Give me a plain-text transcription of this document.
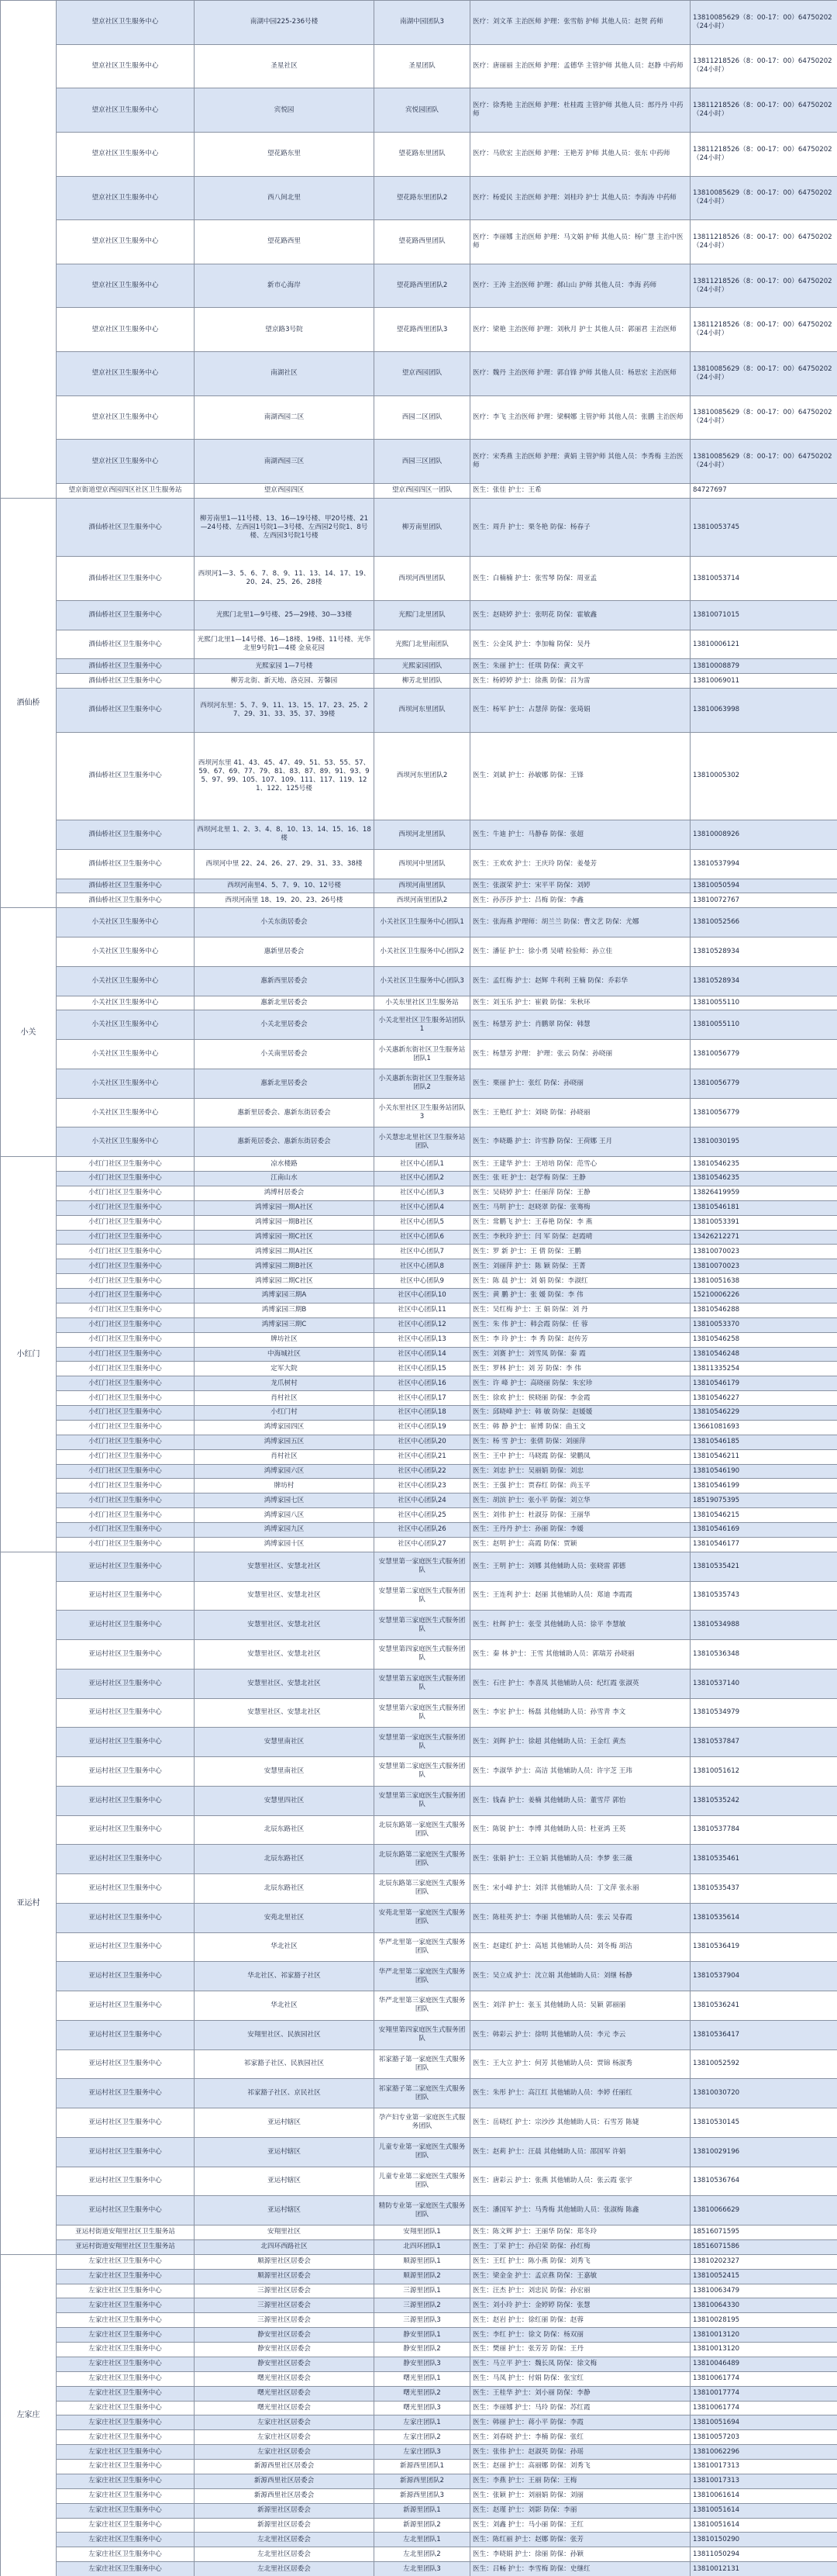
	望京社区卫生服务中心	南湖中园225-236号楼	南湖中园团队3	医疗：刘文革 主治医师 护理：张雪舫 护师 其他人员：赵贺 药师	13810085629（8：00-17：00）64750202（24小时）
	望京社区卫生服务中心	圣星社区	圣星团队	医疗：唐丽丽 主治医师 护理：孟德华 主管护师 其他人员：赵静 中药师	13811218526（8：00-17：00）64750202（24小时）
	望京社区卫生服务中心	宾悦园	宾悦园团队	医疗：徐秀艳 主治医师 护理：杜桂霞 主管护师 其他人员：郎丹丹 中药师	13811218526（8：00-17：00）64750202（24小时）
	望京社区卫生服务中心	望花路东里	望花路东里团队	医疗：马欣宏 主治医师 护理：王艳芳 护师 其他人员：张东 中药师	13811218526（8：00-17：00）64750202（24小时）
	望京社区卫生服务中心	西八间北里	望花路东里团队2	医疗：杨爱民 主治医师 护理：刘桂玲 护士 其他人员：李海涛 中药师	13810085629（8：00-17：00）64750202（24小时）
	望京社区卫生服务中心	望花路西里	望花路西里团队	医疗：李丽娜 主治医师 护理：马文娟 护师 其他人员：杨广慧 主治中医师	13811218526（8：00-17：00）64750202（24小时）
	望京社区卫生服务中心	新市心海岸	望花路西里团队2	医疗：王涛 主治医师 护理：郝山山 护师 其他人员：李海 药师	13811218526（8：00-17：00）64750202（24小时）
	望京社区卫生服务中心	望京路3号院	望花路西里团队3	医疗：梁艳 主治医师 护理：刘秋月 护士 其他人员：郭丽君 主治医师	13811218526（8：00-17：00）64750202（24小时）
	望京社区卫生服务中心	南湖社区	望京西园团队	医疗：魏丹 主治医师 护理：郭自锋 护师 其他人员：杨思宏 主治医师	13810085629（8：00-17：00）64750202（24小时）
	望京社区卫生服务中心	南湖西园二区	西园二区团队	医疗：李飞 主治医师 护理：梁桐娜 主管护师 其他人员：张鹏 主治医师	13810085629（8：00-17：00）64750202（24小时）
	望京社区卫生服务中心	南湖西园三区	西园三区团队	医疗：宋秀燕 主治医师 护理：黄娟 主管护师 其他人员：李秀梅 主治医师	13810085629（8：00-17：00）64750202（24小时）
	望京街道望京西园四区社区卫生服务站	望京西园四区	望京西园四区一团队	医生：张佳 护士：王希	84727697
酒仙桥	酒仙桥社区卫生服务中心	柳芳南里1—11号楼、13、16—19号楼、甲20号楼、21—24号楼、左西园1号院1—3号楼、左西园2号院1、8号楼、左西园3号院1号楼	柳芳南里团队	医生：周升 护士：栗冬艳 防保：杨春子	13810053745
	酒仙桥社区卫生服务中心	西坝河1—3、5、6、7、8、9、11、13、14、17、19、20、24、25、26、28楼	西坝河西里团队	医生：白楠楠 护士：张雪琴 防保：周亚孟	13810053714
	酒仙桥社区卫生服务中心	光熙门北里1—9号楼、25—29楼、30—33楼	光熙门北里团队	医生：赵晓婷 护士：张明花 防保：霍敏鑫	13810071015
	酒仙桥社区卫生服务中心	光熙门北里1—14号楼、16—18楼、19楼、11号楼、光华北里9号院1—4楼 金泉花园	光熙门北里南团队	医生：公金凤 护士：李加翰 防保：吴丹	13810006121
	酒仙桥社区卫生服务中心	光熙家园 1—7号楼	光熙家园团队	医生：朱丽 护士：任琪 防保：黄文平	13810008879
	酒仙桥社区卫生服务中心	柳芳北街、新天地、洛克园、芳馨园	柳芳北里团队	医生：杨婷婷 护士：徐燕 防保：吕为雷	13810069011
	酒仙桥社区卫生服务中心	西坝河东里：5、7、9、11、13、15、17、23、25、27、29、31、33、35、37、39楼	西坝河东里团队	医生：杨军 护士：占慧萍 防保：张琦娟	13810063998
	酒仙桥社区卫生服务中心	西坝河东里 41、43、45、47、49、51、53、55、57、59、67、69、77、79、81、83、87、89、91、93、95、97、99、105、107、109、111、117、119、121、122、125号楼	西坝河东里团队2	医生：刘斌 护士：孙敏娜 防保：王锋	13810005302
	酒仙桥社区卫生服务中心	西坝河北里 1、2、3、4、8、10、13、14、15、16、18楼	西坝河北里团队	医生：牛迪 护士：马静春 防保：张超	13810008926
	酒仙桥社区卫生服务中心	西坝河中里 22、24、26、27、29、31、33、38楼	西坝河中里团队	医生：王欢欢 护士：王庆玲 防保：姜曼芳	13810537994
	酒仙桥社区卫生服务中心	西坝河南里4、5、7、9、10、12号楼	西坝河南里团队	医生：张淑荣 护士：宋平平 防保：刘婷	13810050594
	酒仙桥社区卫生服务中心	西坝河南里 18、19、20、23、26号楼	西坝河南里团队2	医生：孙莎莎 护士：吕梅 防保：李鑫	13810072767
小关	小关社区卫生服务中心	小关东街居委会	小关社区卫生服务中心团队1	医生：张海燕 护理师：胡兰兰 防保：曹文艺 防保：尤娜	13810052566
	小关社区卫生服务中心	惠新里居委会	小关社区卫生服务中心团队2	医生：潘征 护士：徐小勇 吴晴 检验师：孙立佳	13810528934
	小关社区卫生服务中心	惠新西里居委会	小关社区卫生服务中心团队3	医生：孟红梅 护士：赵辉 牛利利 王楠 防保：乔彩华	13810528934
	小关社区卫生服务中心	惠新北里居委会	小关东里社区卫生服务站	医生：刘玉乐 护士：崔毅 防保：朱秋环	13810055110
	小关社区卫生服务中心	小关北里居委会	小关北里社区卫生服务站团队1	医生：杨慧芳 护士：肖鹏翠 防保：韩慧	13810055110
	小关社区卫生服务中心	小关南里居委会	小关惠新东街社区卫生服务站团队1	医生：杨慧芳 护理： 护理：张云 防保：孙晓丽	13810056779
	小关社区卫生服务中心	惠新北里居委会	小关惠新东街社区卫生服务站团队2	医生：栗丽 护士：张红 防保：孙晓丽	13810056779
	小关社区卫生服务中心	惠新里居委会、惠新东街居委会	小关东里社区卫生服务站团队3	医生：王艳红 护士：刘晓 防保：孙晓丽	13810056779
	小关社区卫生服务中心	惠新苑居委会、惠新东街居委会	小关慧忠北里社区卫生服务站团队	医生：李晓璐 护士：许雪静 防保：王荷娜 王月	13810030195
小红门	小红门社区卫生服务中心	凉水楼路	社区中心团队1	医生：王建华 护士：王培培 防保：范雪心	13810546235
	小红门社区卫生服务中心	江南山水	社区中心团队2	医生：张 旺 护士：赵学梅 防保：王静	13810546235
	小红门社区卫生服务中心	鸿博村居委会	社区中心团队3	医生：吴晓婷 护士：任丽萍 防保：王静	13826419959
	小红门社区卫生服务中心	鸿博家园一期A社区	社区中心团队4	医生：马明 护士：赵晓翠 防保：张骞梅	13810546181
	小红门社区卫生服务中心	鸿博家园一期B社区	社区中心团队5	医生：常鹏飞 护士：王春艳 防保：李 燕	13810053391
	小红门社区卫生服务中心	鸿博家园一期C社区	社区中心团队6	医生：李秋玲 护士：闫 军 防保：赵霞晴	13426212271
	小红门社区卫生服务中心	鸿博家园二期A社区	社区中心团队7	医生：罗 新 护士：王 倩 防保：王鹏	13810070023
	小红门社区卫生服务中心	鸿博家园二期B社区	社区中心团队8	医生：刘丽萍 护士：陈 颖 防保：王菁	13810070023
	小红门社区卫生服务中心	鸿博家园二期C社区	社区中心团队9	医生：陈 晨 护士：刘 娟 防保：李淑红	13810051638
	小红门社区卫生服务中心	鸿博家园三期A	社区中心团队10	医生：黄 鹏 护士：张 媛 防保：李 伟	15210006226
	小红门社区卫生服务中心	鸿博家园三期B	社区中心团队11	医生：吴红梅 护士：王 娟 防保：刘 丹	13810546288
	小红门社区卫生服务中心	鸿博家园三期C	社区中心团队12	医生：朱 伟 护士：韩会霞 防保：任 蓉	13810053370
	小红门社区卫生服务中心	牌坊社区	社区中心团队13	医生：李 玲 护士：李 秀 防保：赵传芳	13810546258
	小红门社区卫生服务中心	中海城社区	社区中心团队14	医生：刘赛 护士：刘雪凤 防保：秦 霞	13810546248
	小红门社区卫生服务中心	定军大院	社区中心团队15	医生：罗林 护士：刘 芳 防保：李 伟	13811335254
	小红门社区卫生服务中心	龙爪树村	社区中心团队16	医生：许 峰 护士：高晓丽 防保：朱宏珍	13810546179
	小红门社区卫生服务中心	肖村社区	社区中心团队17	医生：徐欢 护士：侯晓丽 防保：李金霞	13810546227
	小红门社区卫生服务中心	小红门村	社区中心团队18	医生：邱晓峰 护士：韩 敏 防保：赵媛媛	13810546229
	小红门社区卫生服务中心	鸿博家园四区	社区中心团队19	医生：韩 静 护士：崔博 防保：曲玉文	13661081693
	小红门社区卫生服务中心	鸿博家园五区	社区中心团队20	医生：杨 雪 护士：张倩 防保：刘丽萍	13810546185
	小红门社区卫生服务中心	肖村社区	社区中心团队21	医生：王中 护士：马晓霞 防保：梁鹏凤	13810546211
	小红门社区卫生服务中心	鸿博家园六区	社区中心团队22	医生：刘忠 护士：吴丽娟 防保：刘忠	13810546190
	小红门社区卫生服务中心	牌坊村	社区中心团队23	医生：王强 护士：贾春红 防保：尚玉平	13810546199
	小红门社区卫生服务中心	鸿博家园七区	社区中心团队24	医生：胡滨 护士：张小平 防保：刘立华	18519075395
	小红门社区卫生服务中心	鸿博家园八区	社区中心团队25	医生：刘伟 护士：杜淑芬 防保：王丽华	13810546215
	小红门社区卫生服务中心	鸿博家园九区	社区中心团队26	医生：王丹丹 护士：孙丽 防保：李媛	13810546169
	小红门社区卫生服务中心	鸿博家园十区	社区中心团队27	医生：赵明 护士：高霞 防保：贾颖	13810546177
亚运村	亚运村社区卫生服务中心	安慧里社区、安慧北社区	安慧里第一家庭医生式服务团队	医生：王明 护士：刘娜 其他辅助人员：张晓雷 郭德	13810535421
	亚运村社区卫生服务中心	安慧里社区、安慧北社区	安慧里第二家庭医生式服务团队	医生：王连利 护士：赵丽 其他辅助人员：郑迪 李霞霞	13810535743
	亚运村社区卫生服务中心	安慧里社区、安慧北社区	安慧里第三家庭医生式服务团队	医生：杜辉 护士：张莹 其他辅助人员：徐平 李慧敏	13810534988
	亚运村社区卫生服务中心	安慧里社区、安慧北社区	安慧里第四家庭医生式服务团队	医生：秦 林 护士：王雪 其他辅助人员：郭瑞芳 孙晓丽	13810536348
	亚运村社区卫生服务中心	安慧里社区、安慧北社区	安慧里第五家庭医生式服务团队	医生：石庄 护士：李喜凤 其他辅助人员：纪红霞 张淑英	13810537140
	亚运村社区卫生服务中心	安慧里社区、安慧北社区	安慧里第六家庭医生式服务团队	医生：李宏 护士：杨磊 其他辅助人员：孙雪青 李文	13810534979
	亚运村社区卫生服务中心	安慧里南社区	安慧里第一家庭医生式服务团队	医生：刘辉 护士：徐超 其他辅助人员：王金红 黄杰	13810537847
	亚运村社区卫生服务中心	安慧里南社区	安慧里第二家庭医生式服务团队	医生：李淑华 护士：高洁 其他辅助人员：许宇芝 王玮	13810051612
	亚运村社区卫生服务中心	安慧里四社区	安慧里第三家庭医生式服务团队	医生：钱森 护士：姜楠 其他辅助人员：董雪芹 郭怡	13810535242
	亚运村社区卫生服务中心	北辰东路社区	北辰东路第一家庭医生式服务团队	医生：陈锐 护士：李博 其他辅助人员：杜亚鸿 王英	13810537784
	亚运村社区卫生服务中心	北辰东路社区	北辰东路第二家庭医生式服务团队	医生：张娟 护士：王立娟 其他辅助人员：李梦 张三薇	13810535461
	亚运村社区卫生服务中心	北辰东路社区	北辰东路第三家庭医生式服务团队	医生：宋小峰 护士：刘洋 其他辅助人员：丁文萍 张永丽	13810535437
	亚运村社区卫生服务中心	安苑北里社区	安苑北里第一家庭医生式服务团队	医生：陈桂英 护士：李丽 其他辅助人员：张云 吴春霞	13810535614
	亚运村社区卫生服务中心	华北社区	华严北里第一家庭医生式服务团队	医生：赵建红 护士：高旭 其他辅助人员：刘冬梅 胡洁	13810536419
	亚运村社区卫生服务中心	华北社区、祁家豁子社区	华严北里第二家庭医生式服务团队	医生：吴立成 护士：沈立娟 其他辅助人员：刘继 杨静	13810537904
	亚运村社区卫生服务中心	华北社区	华严北里第三家庭医生式服务团队	医生：刘洋 护士：张玉 其他辅助人员：吴颖 郭丽丽	13810536241
	亚运村社区卫生服务中心	安翔里社区、民族园社区	安翔里第四家庭医生式服务团队	医生：韩彩云 护士：徐明 其他辅助人员：李元 李云	13810536417
	亚运村社区卫生服务中心	祁家豁子社区、民族园社区	祁家豁子第一家庭医生式服务团队	医生：王大立 护士：何芳 其他辅助人员：贾锦 杨淑秀	13810052592
	亚运村社区卫生服务中心	祁家豁子社区、京民社区	祁家豁子第二家庭医生式服务团队	医生：朱彤 护士：高江红 其他辅助人员：李婷 任丽红	13810030720
	亚运村社区卫生服务中心	亚运村辖区	孕产妇专业第一家庭医生式服务团队	医生：岳晓红 护士：宗沙沙 其他辅助人员：石雪芳 陈婕	13810530145
	亚运村社区卫生服务中心	亚运村辖区	儿童专业第一家庭医生式服务团队	医生：赵莉 护士：汪晨 其他辅助人员：邵国军 许娟	13810029196
	亚运村社区卫生服务中心	亚运村辖区	儿童专业第二家庭医生式服务团队	医生：唐彩云 护士：张燕 其他辅助人员：张云霞 张宇	13810536764
	亚运村社区卫生服务中心	亚运村辖区	精防专业第一家庭医生式服务团队	医生：潘国军 护士：马秀梅 其他辅助人员：张淑梅 陈鑫	13810066629
	亚运村街道安翔里社区卫生服务站	安翔里社区	安翔里团队1	医生：陈文辉 护士：王丽华 防保：郑冬玲	18516071595
	亚运村街道安翔里社区卫生服务站	北四环西路社区	北四环团队1	医生：丁荣 护士：孙启荣 防保：孙红梅	18516071586
左家庄	左家庄社区卫生服务中心	顺源里社区居委会	顺源里团队1	医生：王红 护士：陈小燕 防保：刘秀飞	13810202327
	左家庄社区卫生服务中心	顺源里社区居委会	顺源里团队2	医生：梁金金 护士：孟京燕 防保：王嘉敏	13810052415
	左家庄社区卫生服务中心	三源里社区居委会	三源里团队1	医生：汪杰 护士：刘忠民 防保：孙宏丽	13810063479
	左家庄社区卫生服务中心	三源里社区居委会	三源里团队2	医生：刘小玲 护士：金婷婷 防保：张慧	13810064330
	左家庄社区卫生服务中心	三源里社区居委会	三源里团队3	医生：赵岩 护士：徐红丽 防保：赵蓉	13810028195
	左家庄社区卫生服务中心	静安里社区居委会	静安里团队1	医生：李红 护士：徐文 防保：杨双丽	13810013120
	左家庄社区卫生服务中心	静安里社区居委会	静安里团队2	医生：樊丽 护士：张芳芳 防保：王丹	13810013120
	左家庄社区卫生服务中心	静安里社区居委会	静安里团队3	医生：马立平 护士：魏长凤 防保：徐文梅	13810046489
	左家庄社区卫生服务中心	曙光里社区居委会	曙光里团队1	医生：马凤 护士：付娟 防保：张宝红	13810061774
	左家庄社区卫生服务中心	曙光里社区居委会	曙光里团队2	医生：王桂华 护士：刘小丽 防保：李静	13810017774
	左家庄社区卫生服务中心	曙光里社区居委会	曙光里团队3	医生：李丽娜 护士：马玲 防保：苏红霞	13810061774
	左家庄社区卫生服务中心	左家庄社区居委会	左家庄团队1	医生：韩丽 护士：蒋小平 防保：李霞	13810051694
	左家庄社区卫生服务中心	左家庄社区居委会	左家庄团队2	医生：刘春晓 护士：李楠 防保：张红	13810057203
	左家庄社区卫生服务中心	左家庄社区居委会	左家庄团队3	医生：张伟 护士：赵淑英 防保：孙瑶	13810062296
	左家庄社区卫生服务中心	新源西里社区居委会	新源西里团队1	医生：赵丽 护士：高丽娜 防保：刘秀飞	13810017313
	左家庄社区卫生服务中心	新源西里社区居委会	新源西里团队2	医生：李燕 护士：王丽 防保：王梅	13810017313
	左家庄社区卫生服务中心	新源西里社区居委会	新源西里团队3	医生：张颖 护士：刘丽娟 防保：刘丽	13810061614
	左家庄社区卫生服务中心	新源里社区居委会	新源里团队1	医生：赵瑾 护士：刘影 防保：李丽	13810051614
	左家庄社区卫生服务中心	新源里社区居委会	新源里团队2	医生：刘鑫 护士：马小丽 防保：王红	13810051614
	左家庄社区卫生服务中心	左北里社区居委会	左北里团队1	医生：陈红丽 护士：赵娜 防保：张芳	13810150290
	左家庄社区卫生服务中心	左北里社区居委会	左北里团队2	医生：李晓娟 护士：徐丽 防保：孙颖	13811050294
	左家庄社区卫生服务中心	左北里社区居委会	左北里团队3	医生：吕畅 护士：李雪梅 防保：史继红	13810012131
